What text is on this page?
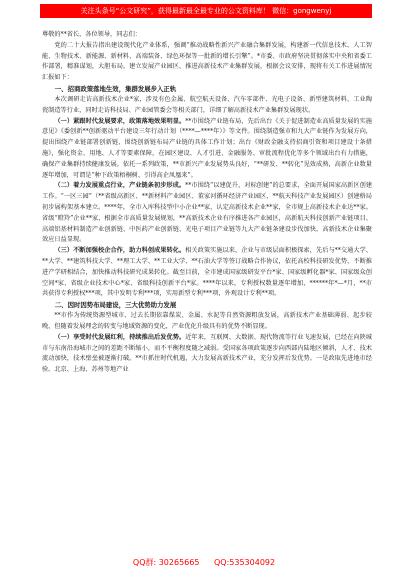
关注头条号“公文研究”，获得最新最全最专业的公文资料库！ 微信：gongwenyj

尊敬的**省长，各位领导，同志们：

党的二十大报告指出建设现代化产业体系，强调“推动战略性新兴产业融合集群发展，构建新一代信息技术、人工智能、生物技术、新能源、新材料、高端装备、绿色环保等一批新的增长引擎”。*市委、市政府坚决贯彻落实中央和省委工作部署，精准谋划，大胆布局，建立发展产业园区，推进高新技术产业集群发展，根据会议安排，现将有关工作进展情况汇报如下：

一、招商政策落地生效，集群发展步入正轨

本次调研走访高新技术企业*家，涉及有色金属、航空航天设备、汽车零部件、光电子设备、新型建筑材料、工业陶瓷制造等行业，同时走访科技局、产业园管委会等相关部门，详细了解高新技术产业集群发展现状。

（一）紧跟时代发展要求，政策落地效果明显。**市围绕产业链布局，先后出台《关于促进制造业高质量发展的实施意见》《委创新**创新驱动平台建设三年行动计划（****—****年）》等文件。围绕制造强市和九大产业链作为发展方向，提出围绕产业链部署创新链、围绕创新链布局产业链的具体工作计划；出台《财政金融支持招商引资和项目建设十条措施》，强化资金、用地、人才等要素保障，在园区建设、人才引进、金融服务、审批流程优化等多个领域出台有力措施，确保产业集群持续健康发展。依托一系列政策，**市新兴产业发展势头良好，“**研发、**转化”见效成熟，高新企业数量逐年增加，可谓是“种下政策梧桐树，引得高企凤凰来”。

（二）着力发展重点行业，产业链条初步形成。**市围绕“以建促升，对标创建”的总要求，全面开展国家高新区创建工作。“一区三园”（**省级高新区、**新材料产业园区、董家河循环经济产业园区、**航天科技产业发展园区）创建格局初步展构架基本建立。****年，全市入库科技型中小企业**家，认定高新技术企业**家，全市规上高新技术企业达**家。省级“瞪羚”企业**家，根据全市高质量发展规划，**高新技术企业有序推进各产业园区，高新航天科技创新产业链项目、高端铝基材料制造产业创新链、中医药产业创新链、光电子项目产业链等九大产业链条建设步伐加快，高新技术企业集聚效应日益显现。

（三）不断加强校企合作，助力科创成果转化。相关政策实施以来，企业与市级层面积极探索，先后与**交通大学、**大学、**建筑科技大学、**理工大学、**工业大学、**石油大学等签订战略合作协议，依托高校科技研发优势，不断推进产学研相结合，加快推动科技研究成果转化。截至目前，全市建成国家级研发平台*家、国家级孵化器*家、国家级众创空间*家、省级企业技术中心*家、省级科技创新平台*家。****年以来，专利授权数量逐年增加，******年*—*月，**市共获得专利授权***项，其中发明专利***项，实用新型专利***项，外观设计专利**项。

二、因时因势布局建设，三大优势助力发展

**市作为传统资源型城市，过去长期依靠煤炭、金属、水泥等自然资源粗放发展，高新技术产业基础薄弱、起步较晚，但随着发展理念的转变与地域资源的变化，产业优化升级具有的优势不断显现。

（一）享受时代发展红利，持续推出后发优势。近年来，互联网、大数据、现代物流等行业飞速发展，已经在向陕城市与东南沿海城市之间的差距不断缩小，而不平衡程度随之减弱。受国家各项政策逐步向西部内陆地区倾斜，人才、技术流动加快，技术壁垒被逐渐打破。**市抓住时代机遇，大力发展高新技术产业，充分发挥后发优势。一是政取先进地市经验。北京、上海、苏州等地产业

QQ群: 30265665 QQ:535304092
